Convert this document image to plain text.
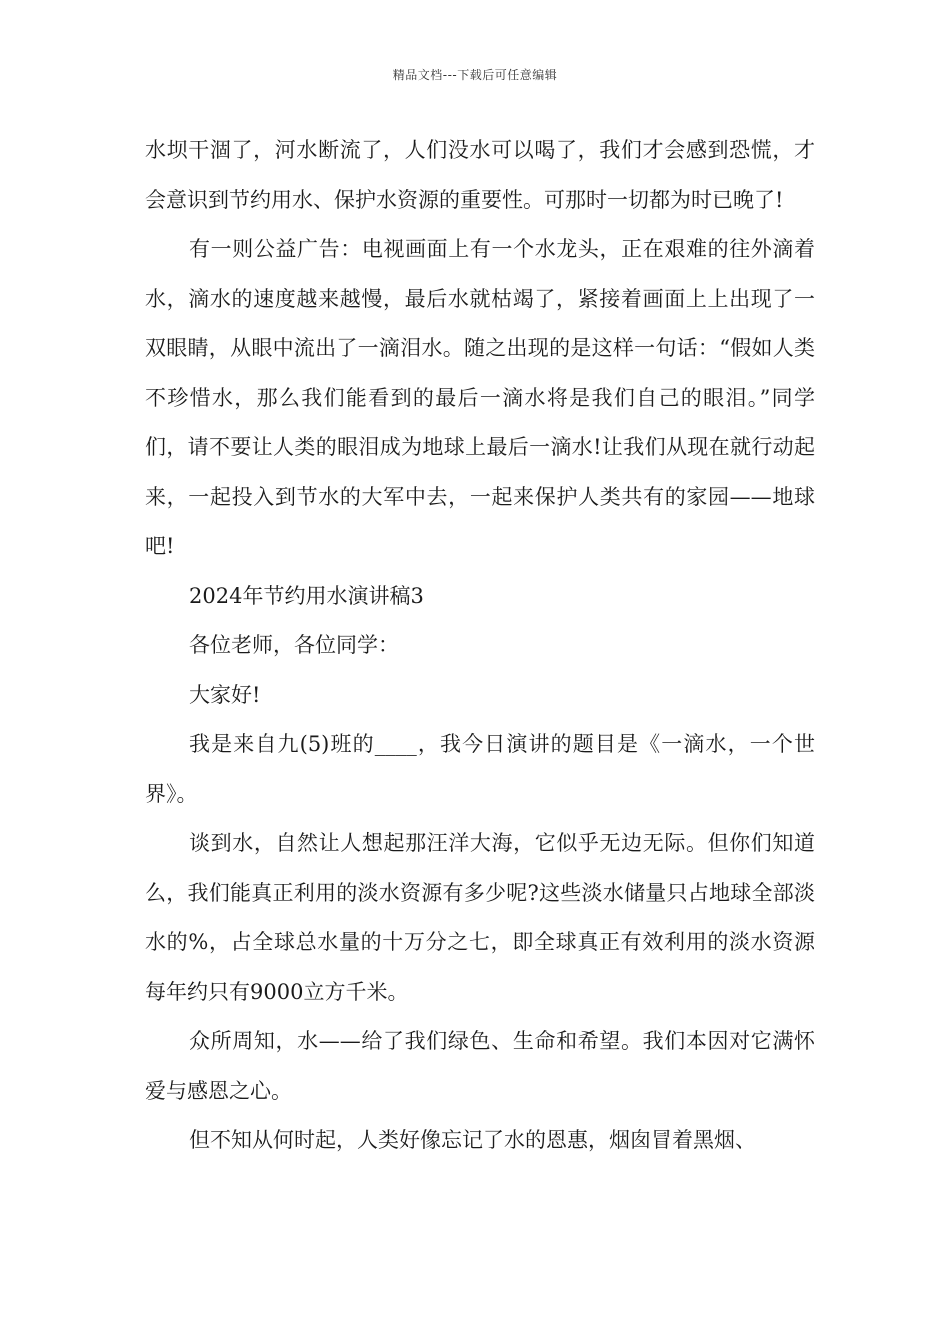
精品文档---下载后可任意编辑

水坝干涸了，河水断流了，人们没水可以喝了，我们才会感到恐慌，才会意识到节约用水、保护水资源的重要性。可那时一切都为时已晚了!

有一则公益广告：电视画面上有一个水龙头，正在艰难的往外滴着水，滴水的速度越来越慢，最后水就枯竭了，紧接着画面上上出现了一双眼睛，从眼中流出了一滴泪水。随之出现的是这样一句话：“假如人类不珍惜水，那么我们能看到的最后一滴水将是我们自己的眼泪。”同学们，请不要让人类的眼泪成为地球上最后一滴水!让我们从现在就行动起来，一起投入到节水的大军中去，一起来保护人类共有的家园——地球吧!

2024年节约用水演讲稿3

各位老师，各位同学：

大家好!

我是来自九(5)班的____，我今日演讲的题目是《一滴水，一个世界》。

谈到水，自然让人想起那汪洋大海，它似乎无边无际。但你们知道么，我们能真正利用的淡水资源有多少呢?这些淡水储量只占地球全部淡水的%，占全球总水量的十万分之七，即全球真正有效利用的淡水资源每年约只有9000立方千米。

众所周知，水——给了我们绿色、生命和希望。我们本因对它满怀爱与感恩之心。

但不知从何时起，人类好像忘记了水的恩惠，烟囱冒着黑烟、
